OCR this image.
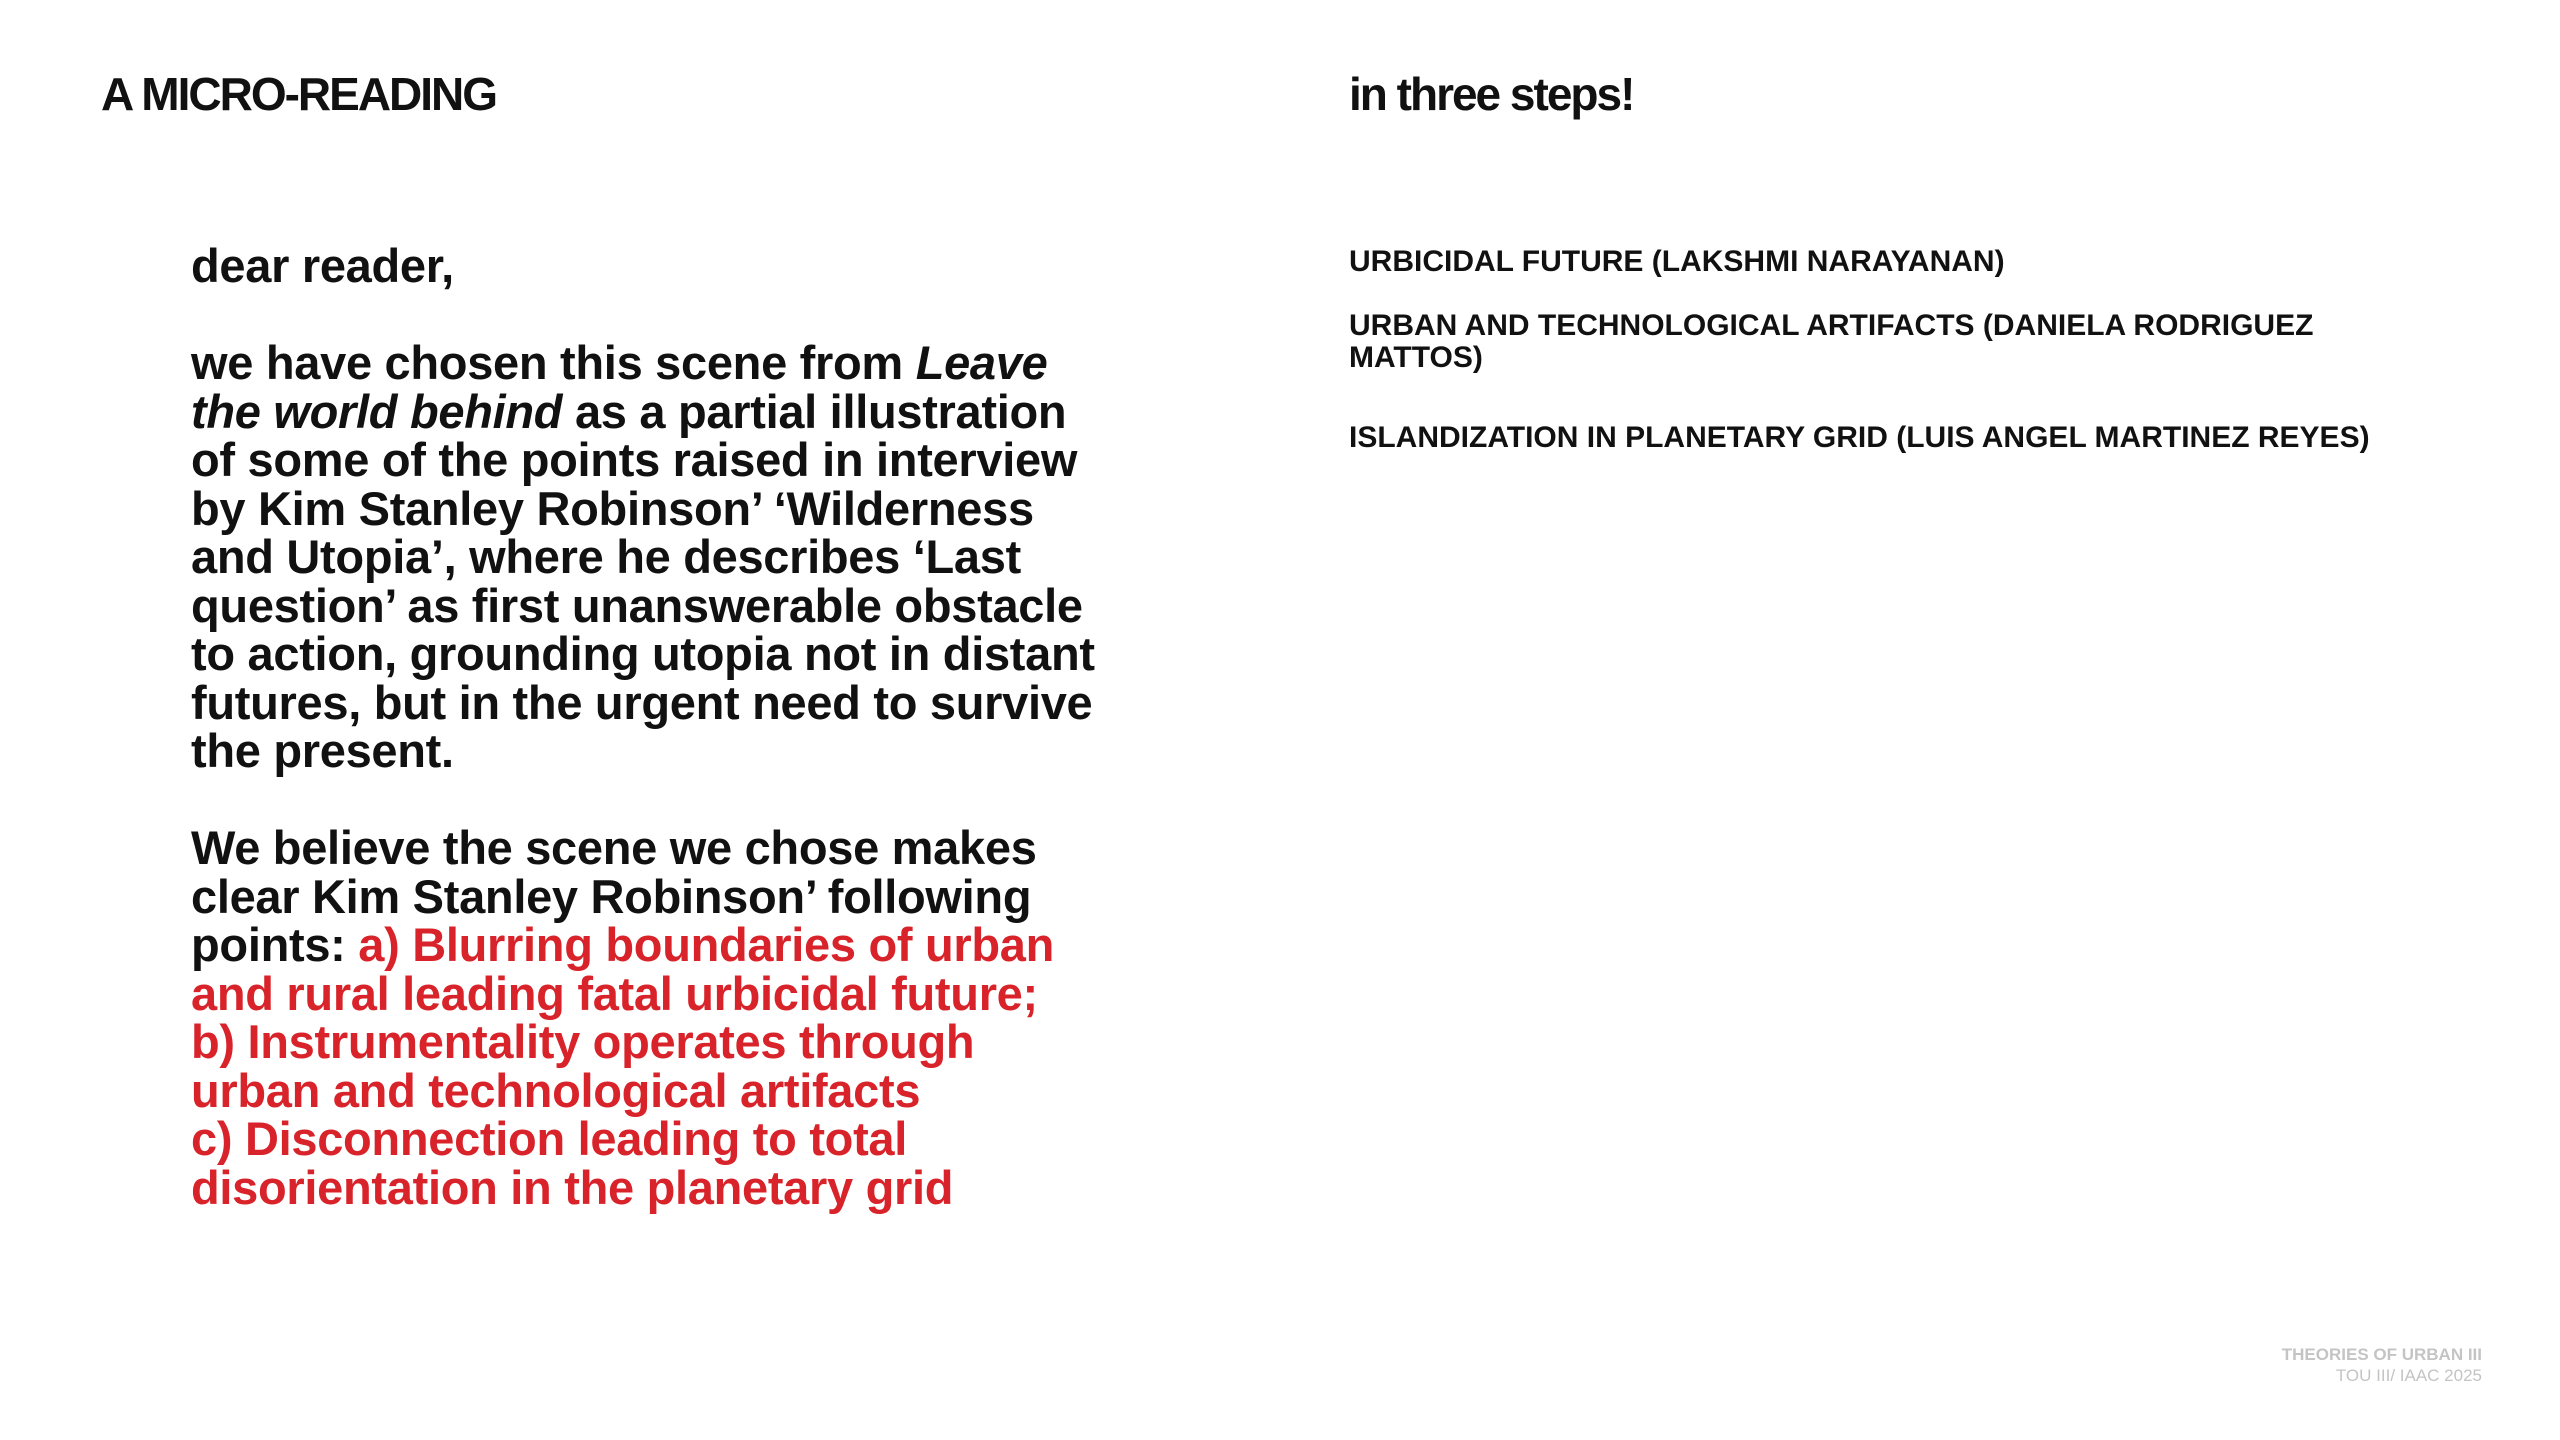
A MICRO-READING	in three steps!

dear reader,

we have chosen this scene from Leave
the world behind as a partial illustration
of some of the points raised in interview
by Kim Stanley Robinson’ ‘Wilderness
and Utopia’, where he describes ‘Last
question’ as first unanswerable obstacle
to action, grounding utopia not in distant
futures, but in the urgent need to survive
the present.

We believe the scene we chose makes
clear Kim Stanley Robinson’ following
points: a) Blurring boundaries of urban
and rural leading fatal urbicidal future;
b) Instrumentality operates through
urban and technological artifacts
c) Disconnection leading to total
disorientation in the planetary grid

URBICIDAL FUTURE (LAKSHMI NARAYANAN)

URBAN AND TECHNOLOGICAL ARTIFACTS (DANIELA RODRIGUEZ
MATTOS)

ISLANDIZATION IN PLANETARY GRID (LUIS ANGEL MARTINEZ REYES)

THEORIES OF URBAN III
TOU III/ IAAC 2025
